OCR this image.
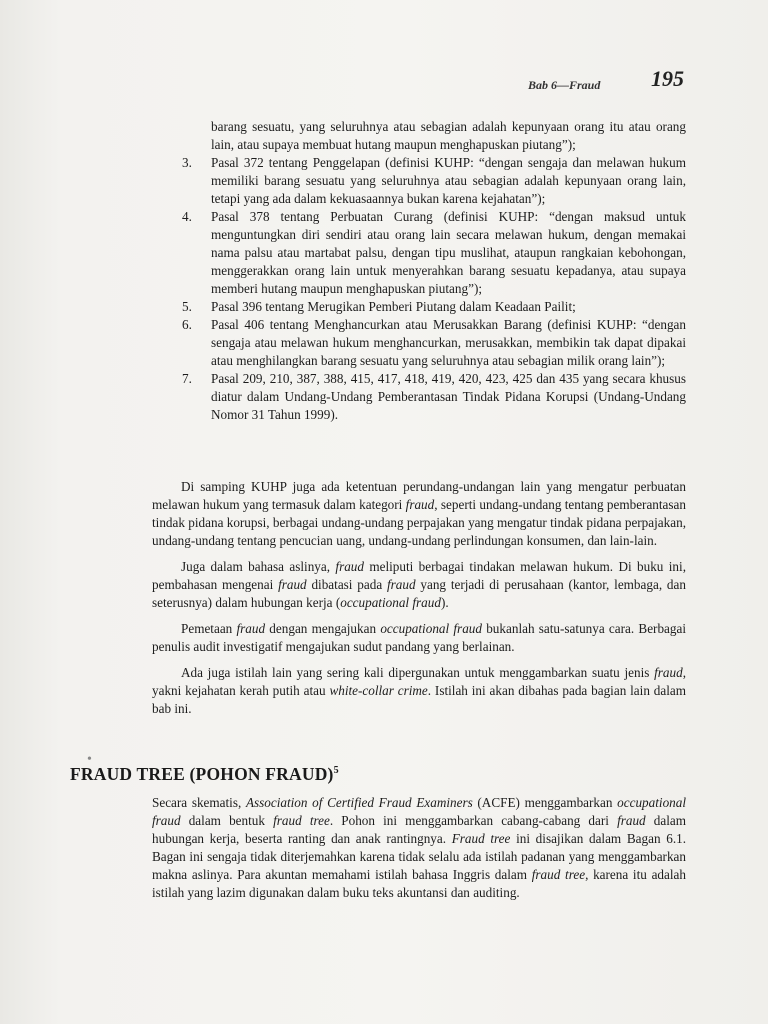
Bab 6—Fraud 195

barang sesuatu, yang seluruhnya atau sebagian adalah kepunyaan orang itu atau orang lain, atau supaya membuat hutang maupun menghapuskan piutang”);

3. Pasal 372 tentang Penggelapan (definisi KUHP: “dengan sengaja dan melawan hukum memiliki barang sesuatu yang seluruhnya atau sebagian adalah kepunyaan orang lain, tetapi yang ada dalam kekuasaannya bukan karena kejahatan”);
4. Pasal 378 tentang Perbuatan Curang (definisi KUHP: “dengan maksud untuk menguntungkan diri sendiri atau orang lain secara melawan hukum, dengan memakai nama palsu atau martabat palsu, dengan tipu muslihat, ataupun rangkaian kebohongan, menggerakkan orang lain untuk menyerahkan barang sesuatu kepadanya, atau supaya memberi hutang maupun menghapuskan piutang”);
5. Pasal 396 tentang Merugikan Pemberi Piutang dalam Keadaan Pailit;
6. Pasal 406 tentang Menghancurkan atau Merusakkan Barang (definisi KUHP: “dengan sengaja atau melawan hukum menghancurkan, merusakkan, membikin tak dapat dipakai atau menghilangkan barang sesuatu yang seluruhnya atau sebagian milik orang lain”);
7. Pasal 209, 210, 387, 388, 415, 417, 418, 419, 420, 423, 425 dan 435 yang secara khusus diatur dalam Undang-Undang Pemberantasan Tindak Pidana Korupsi (Undang-Undang Nomor 31 Tahun 1999).

Di samping KUHP juga ada ketentuan perundang-undangan lain yang mengatur perbuatan melawan hukum yang termasuk dalam kategori fraud, seperti undang-undang tentang pemberantasan tindak pidana korupsi, berbagai undang-undang perpajakan yang mengatur tindak pidana perpajakan, undang-undang tentang pencucian uang, undang-undang perlindungan konsumen, dan lain-lain.

Juga dalam bahasa aslinya, fraud meliputi berbagai tindakan melawan hukum. Di buku ini, pembahasan mengenai fraud dibatasi pada fraud yang terjadi di perusahaan (kantor, lembaga, dan seterusnya) dalam hubungan kerja (occupational fraud).

Pemetaan fraud dengan mengajukan occupational fraud bukanlah satu-satunya cara. Berbagai penulis audit investigatif mengajukan sudut pandang yang berlainan.

Ada juga istilah lain yang sering kali dipergunakan untuk menggambarkan suatu jenis fraud, yakni kejahatan kerah putih atau white-collar crime. Istilah ini akan dibahas pada bagian lain dalam bab ini.

•
FRAUD TREE (POHON FRAUD)$^5$

Secara skematis, Association of Certified Fraud Examiners (ACFE) menggambarkan occupational fraud dalam bentuk fraud tree. Pohon ini menggambarkan cabang-cabang dari fraud dalam hubungan kerja, beserta ranting dan anak rantingnya. Fraud tree ini disajikan dalam Bagan 6.1. Bagan ini sengaja tidak diterjemahkan karena tidak selalu ada istilah padanan yang menggambarkan makna aslinya. Para akuntan memahami istilah bahasa Inggris dalam fraud tree, karena itu adalah istilah yang lazim digunakan dalam buku teks akuntansi dan auditing.
